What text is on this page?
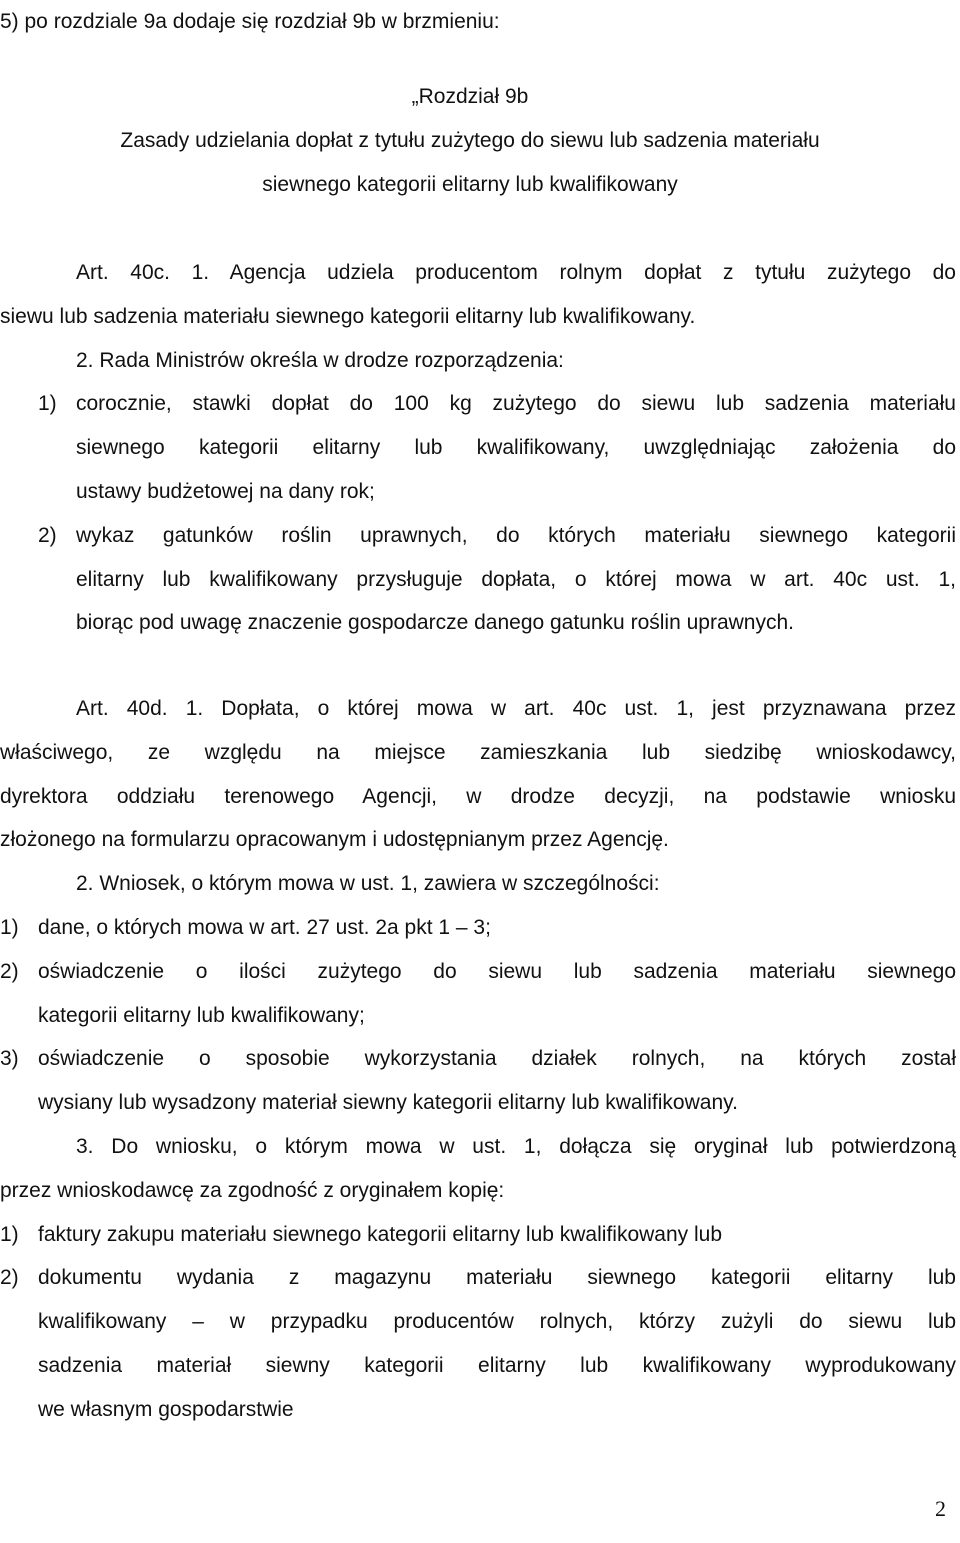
5) po rozdziale 9a dodaje się rozdział 9b w brzmieniu:
„Rozdział 9b
Zasady udzielania dopłat z tytułu zużytego do siewu lub sadzenia materiału
siewnego kategorii elitarny lub kwalifikowany
Art. 40c. 1. Agencja udziela producentom rolnym dopłat z tytułu zużytego do
siewu lub sadzenia materiału siewnego kategorii elitarny lub kwalifikowany.
2. Rada Ministrów określa w drodze rozporządzenia:
1) corocznie, stawki dopłat do 100 kg zużytego do siewu lub sadzenia materiału
siewnego kategorii elitarny lub kwalifikowany, uwzględniając założenia do
ustawy budżetowej na dany rok;
2) wykaz gatunków roślin uprawnych, do których materiału siewnego kategorii
elitarny lub kwalifikowany przysługuje dopłata, o której mowa w art. 40c ust. 1,
biorąc pod uwagę znaczenie gospodarcze danego gatunku roślin uprawnych.
Art. 40d. 1. Dopłata, o której mowa w art. 40c ust. 1, jest przyznawana przez
właściwego, ze względu na miejsce zamieszkania lub siedzibę wnioskodawcy,
dyrektora oddziału terenowego Agencji, w drodze decyzji, na podstawie wniosku
złożonego na formularzu opracowanym i udostępnianym przez Agencję.
2. Wniosek, o którym mowa w ust. 1, zawiera w szczególności:
1) dane, o których mowa w art. 27 ust. 2a pkt 1 – 3;
2) oświadczenie o ilości zużytego do siewu lub sadzenia materiału siewnego
kategorii elitarny lub kwalifikowany;
3) oświadczenie o sposobie wykorzystania działek rolnych, na których został
wysiany lub wysadzony materiał siewny kategorii elitarny lub kwalifikowany.
3. Do wniosku, o którym mowa w ust. 1, dołącza się oryginał lub potwierdzoną
przez wnioskodawcę za zgodność z oryginałem kopię:
1) faktury zakupu materiału siewnego kategorii elitarny lub kwalifikowany lub
2) dokumentu wydania z magazynu materiału siewnego kategorii elitarny lub
kwalifikowany – w przypadku producentów rolnych, którzy zużyli do siewu lub
sadzenia materiał siewny kategorii elitarny lub kwalifikowany wyprodukowany
we własnym gospodarstwie
2
